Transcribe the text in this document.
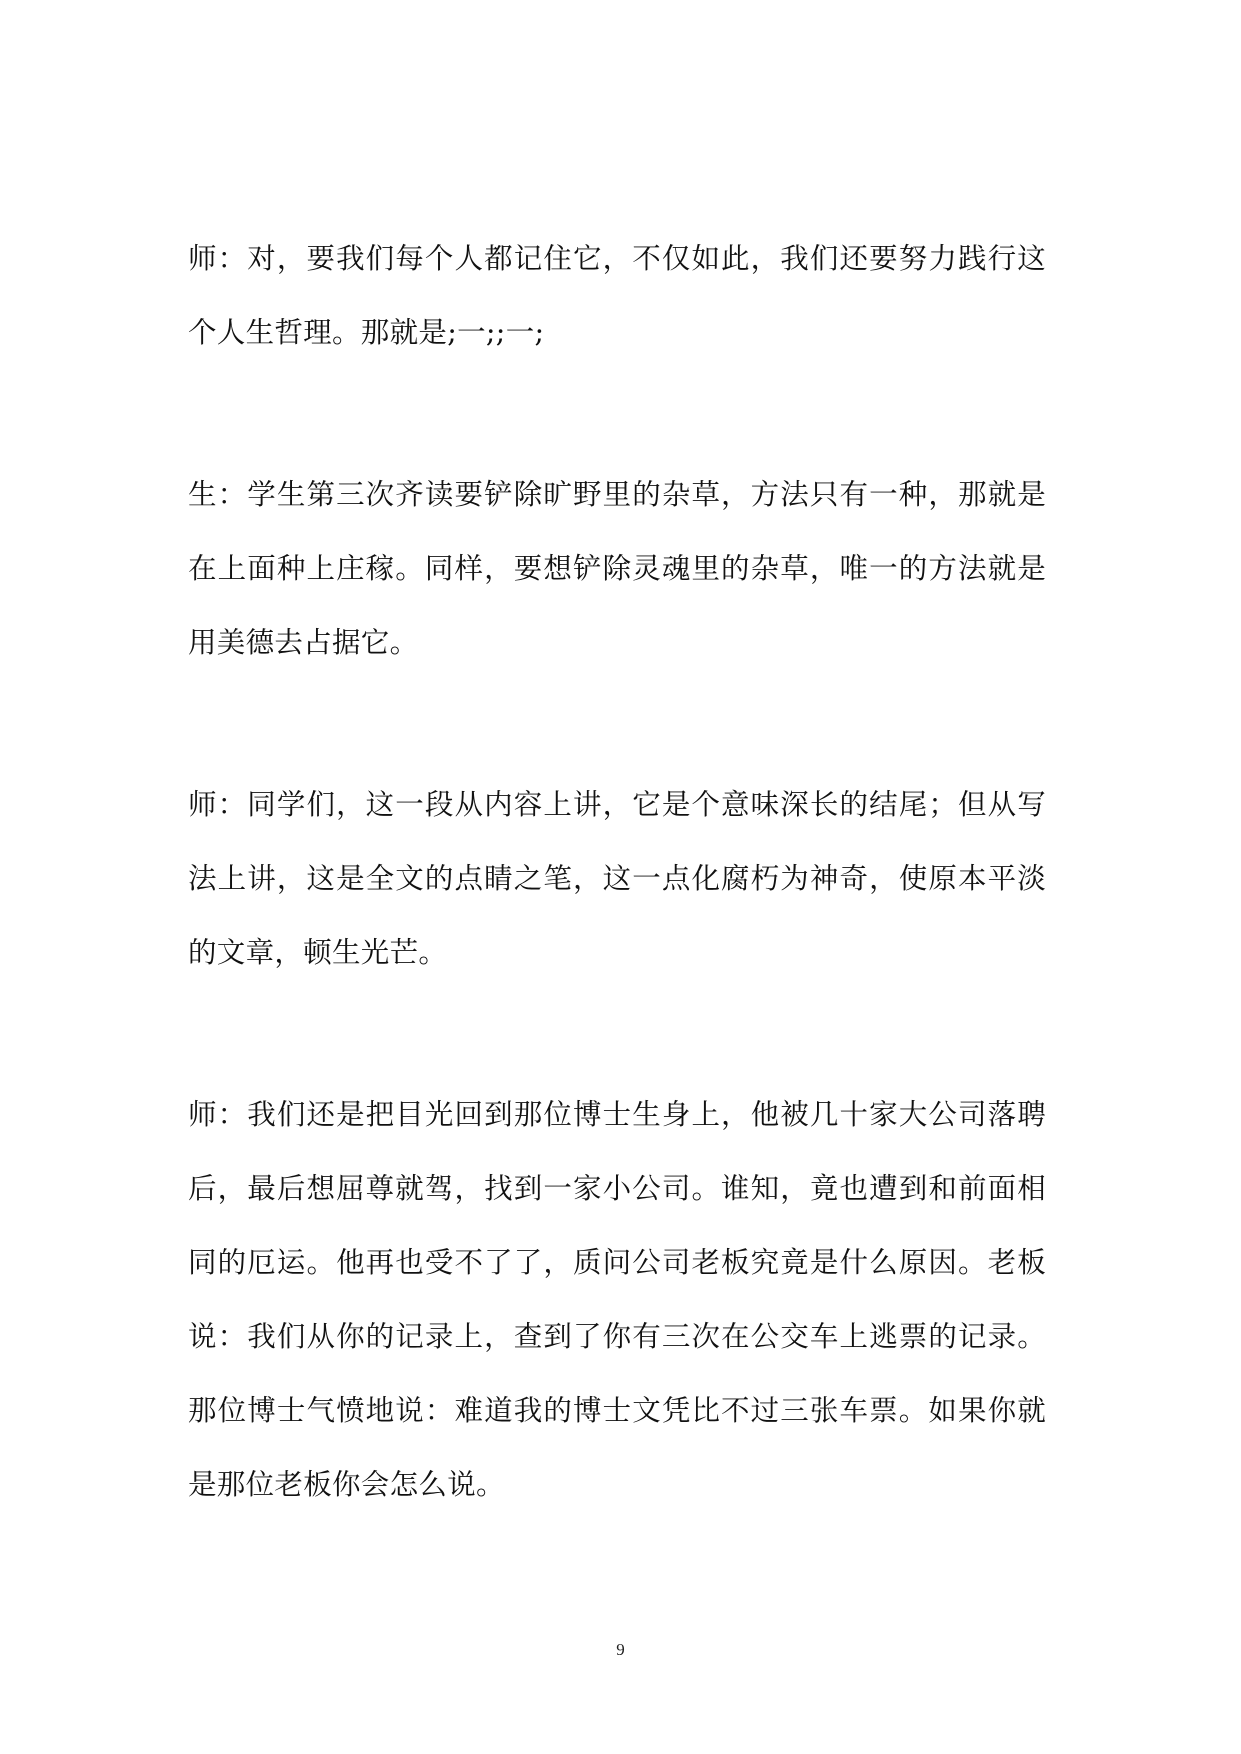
师：对，要我们每个人都记住它，不仅如此，我们还要努力践行这个人生哲理。那就是;一;;一;

生：学生第三次齐读要铲除旷野里的杂草，方法只有一种，那就是在上面种上庄稼。同样，要想铲除灵魂里的杂草，唯一的方法就是用美德去占据它。

师：同学们，这一段从内容上讲，它是个意味深长的结尾；但从写法上讲，这是全文的点睛之笔，这一点化腐朽为神奇，使原本平淡的文章，顿生光芒。

师：我们还是把目光回到那位博士生身上，他被几十家大公司落聘后，最后想屈尊就驾，找到一家小公司。谁知，竟也遭到和前面相同的厄运。他再也受不了了，质问公司老板究竟是什么原因。老板说：我们从你的记录上，查到了你有三次在公交车上逃票的记录。那位博士气愤地说：难道我的博士文凭比不过三张车票。如果你就是那位老板你会怎么说。

9
